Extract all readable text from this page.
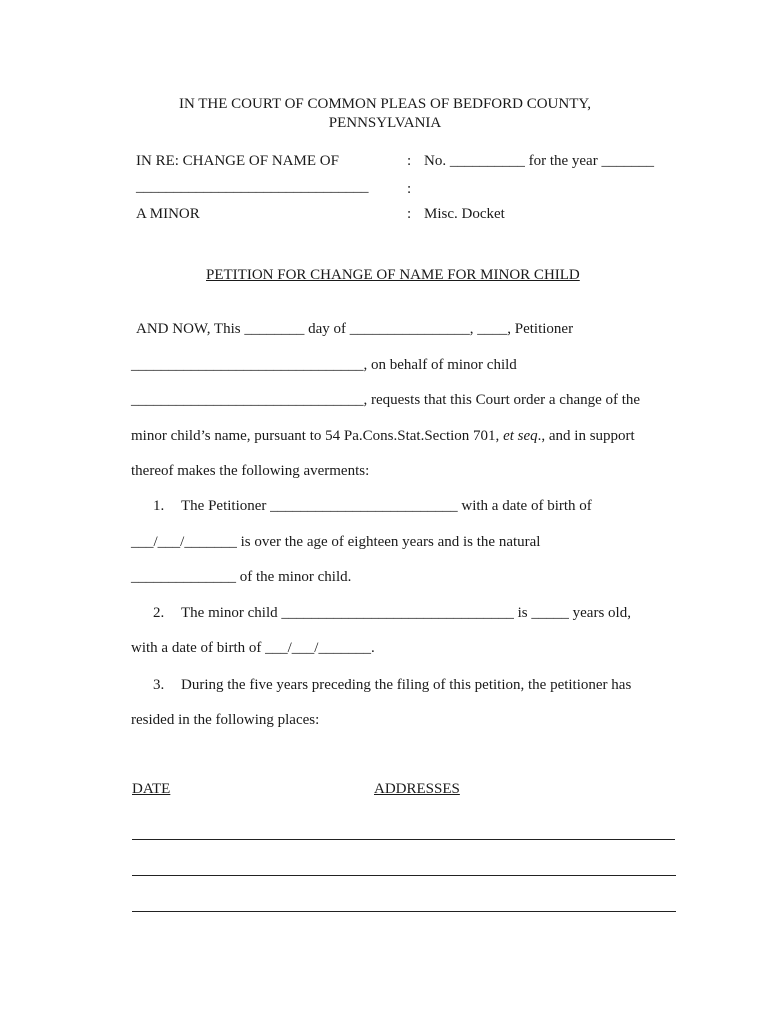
IN THE COURT OF COMMON PLEAS OF BEDFORD COUNTY,
PENNSYLVANIA
IN RE: CHANGE OF NAME OF	: No. __________ for the year _______
_______________________________	:
A MINOR	: Misc. Docket
PETITION FOR CHANGE OF NAME FOR MINOR CHILD
AND NOW, This ________ day of ________________, ____, Petitioner
_______________________________, on behalf of minor child
_______________________________, requests that this Court order a change of the
minor child’s name, pursuant to 54 Pa.Cons.Stat.Section 701, et seq., and in support
thereof makes the following averments:
1. The Petitioner _________________________ with a date of birth of
___/___/_______ is over the age of eighteen years and is the natural
______________ of the minor child.
2. The minor child _______________________________ is _____ years old,
with a date of birth of ___/___/_______.
3. During the five years preceding the filing of this petition, the petitioner has
resided in the following places:
DATE	ADDRESSES
